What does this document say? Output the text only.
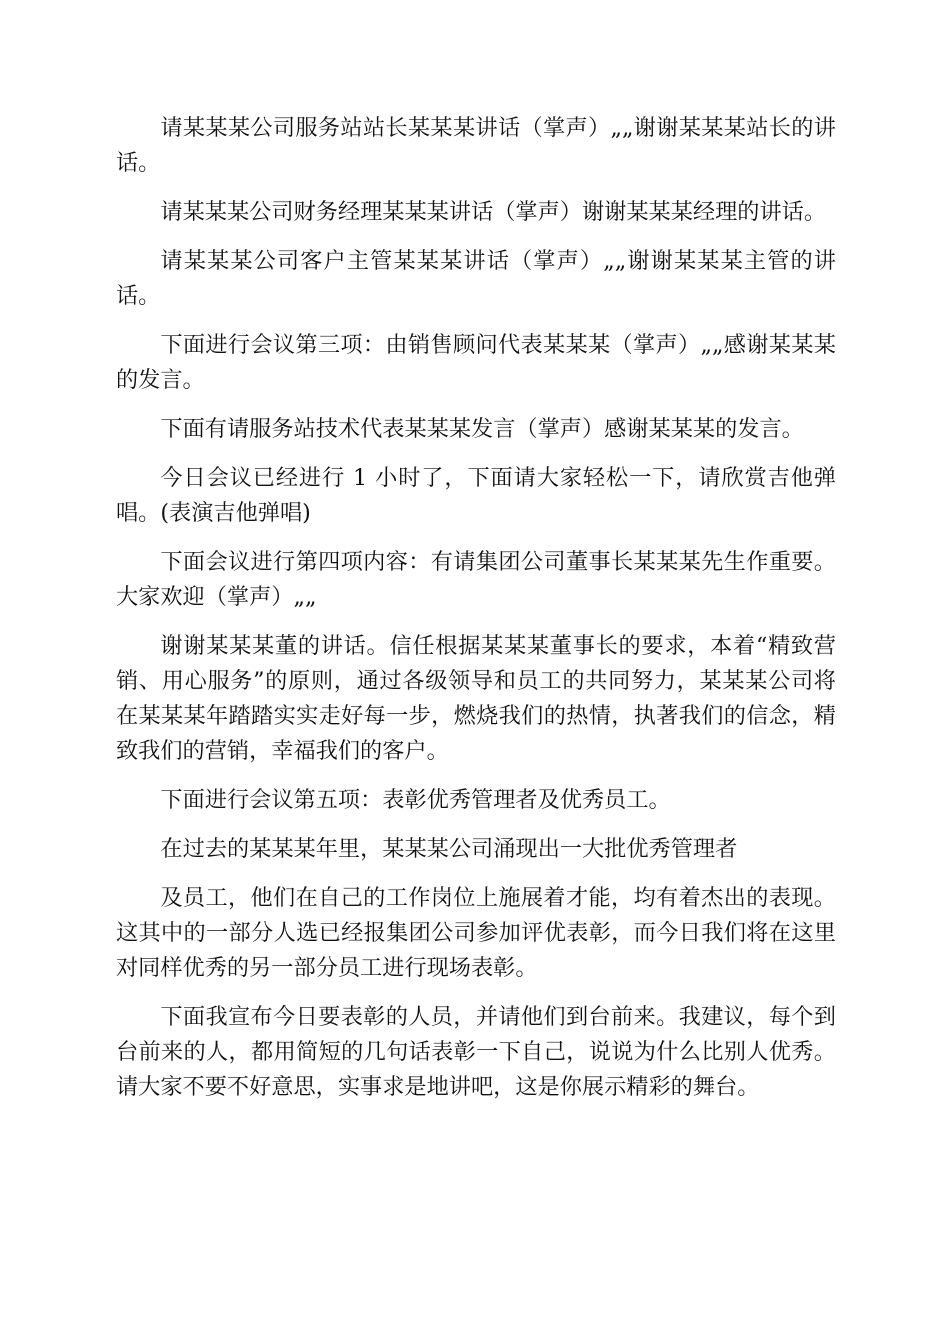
请某某某公司服务站站长某某某讲话（掌声）„„谢谢某某某站长的讲话。

请某某某公司财务经理某某某讲话（掌声）谢谢某某某经理的讲话。

请某某某公司客户主管某某某讲话（掌声）„„谢谢某某某主管的讲话。

下面进行会议第三项：由销售顾问代表某某某（掌声）„„感谢某某某的发言。

下面有请服务站技术代表某某某发言（掌声）感谢某某某的发言。

今日会议已经进行 1 小时了，下面请大家轻松一下，请欣赏吉他弹唱。(表演吉他弹唱)

下面会议进行第四项内容：有请集团公司董事长某某某先生作重要。大家欢迎（掌声）„„

谢谢某某某董的讲话。信任根据某某某董事长的要求，本着“精致营销、用心服务”的原则，通过各级领导和员工的共同努力，某某某公司将在某某某年踏踏实实走好每一步，燃烧我们的热情，执著我们的信念，精致我们的营销，幸福我们的客户。

下面进行会议第五项：表彰优秀管理者及优秀员工。

在过去的某某某年里，某某某公司涌现出一大批优秀管理者

及员工，他们在自己的工作岗位上施展着才能，均有着杰出的表现。这其中的一部分人选已经报集团公司参加评优表彰，而今日我们将在这里对同样优秀的另一部分员工进行现场表彰。

下面我宣布今日要表彰的人员，并请他们到台前来。我建议，每个到台前来的人，都用简短的几句话表彰一下自己，说说为什么比别人优秀。请大家不要不好意思，实事求是地讲吧，这是你展示精彩的舞台。
